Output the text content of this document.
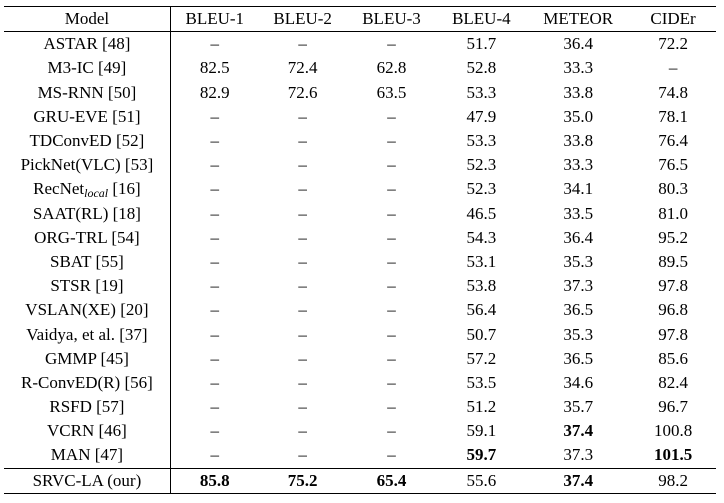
Model	BLEU-1	BLEU-2	BLEU-3	BLEU-4	METEOR	CIDEr
ASTAR [48]	–	–	–	51.7	36.4	72.2
M3-IC [49]	82.5	72.4	62.8	52.8	33.3	–
MS-RNN [50]	82.9	72.6	63.5	53.3	33.8	74.8
GRU-EVE [51]	–	–	–	47.9	35.0	78.1
TDConvED [52]	–	–	–	53.3	33.8	76.4
PickNet(VLC) [53]	–	–	–	52.3	33.3	76.5
RecNet$_{local}$ [16]	–	–	–	52.3	34.1	80.3
SAAT(RL) [18]	–	–	–	46.5	33.5	81.0
ORG-TRL [54]	–	–	–	54.3	36.4	95.2
SBAT [55]	–	–	–	53.1	35.3	89.5
STSR [19]	–	–	–	53.8	37.3	97.8
VSLAN(XE) [20]	–	–	–	56.4	36.5	96.8
Vaidya, et al. [37]	–	–	–	50.7	35.3	97.8
GMMP [45]	–	–	–	57.2	36.5	85.6
R-ConvED(R) [56]	–	–	–	53.5	34.6	82.4
RSFD [57]	–	–	–	51.2	35.7	96.7
VCRN [46]	–	–	–	59.1	37.4	100.8
MAN [47]	–	–	–	59.7	37.3	101.5
SRVC-LA (our)	85.8	75.2	65.4	55.6	37.4	98.2
